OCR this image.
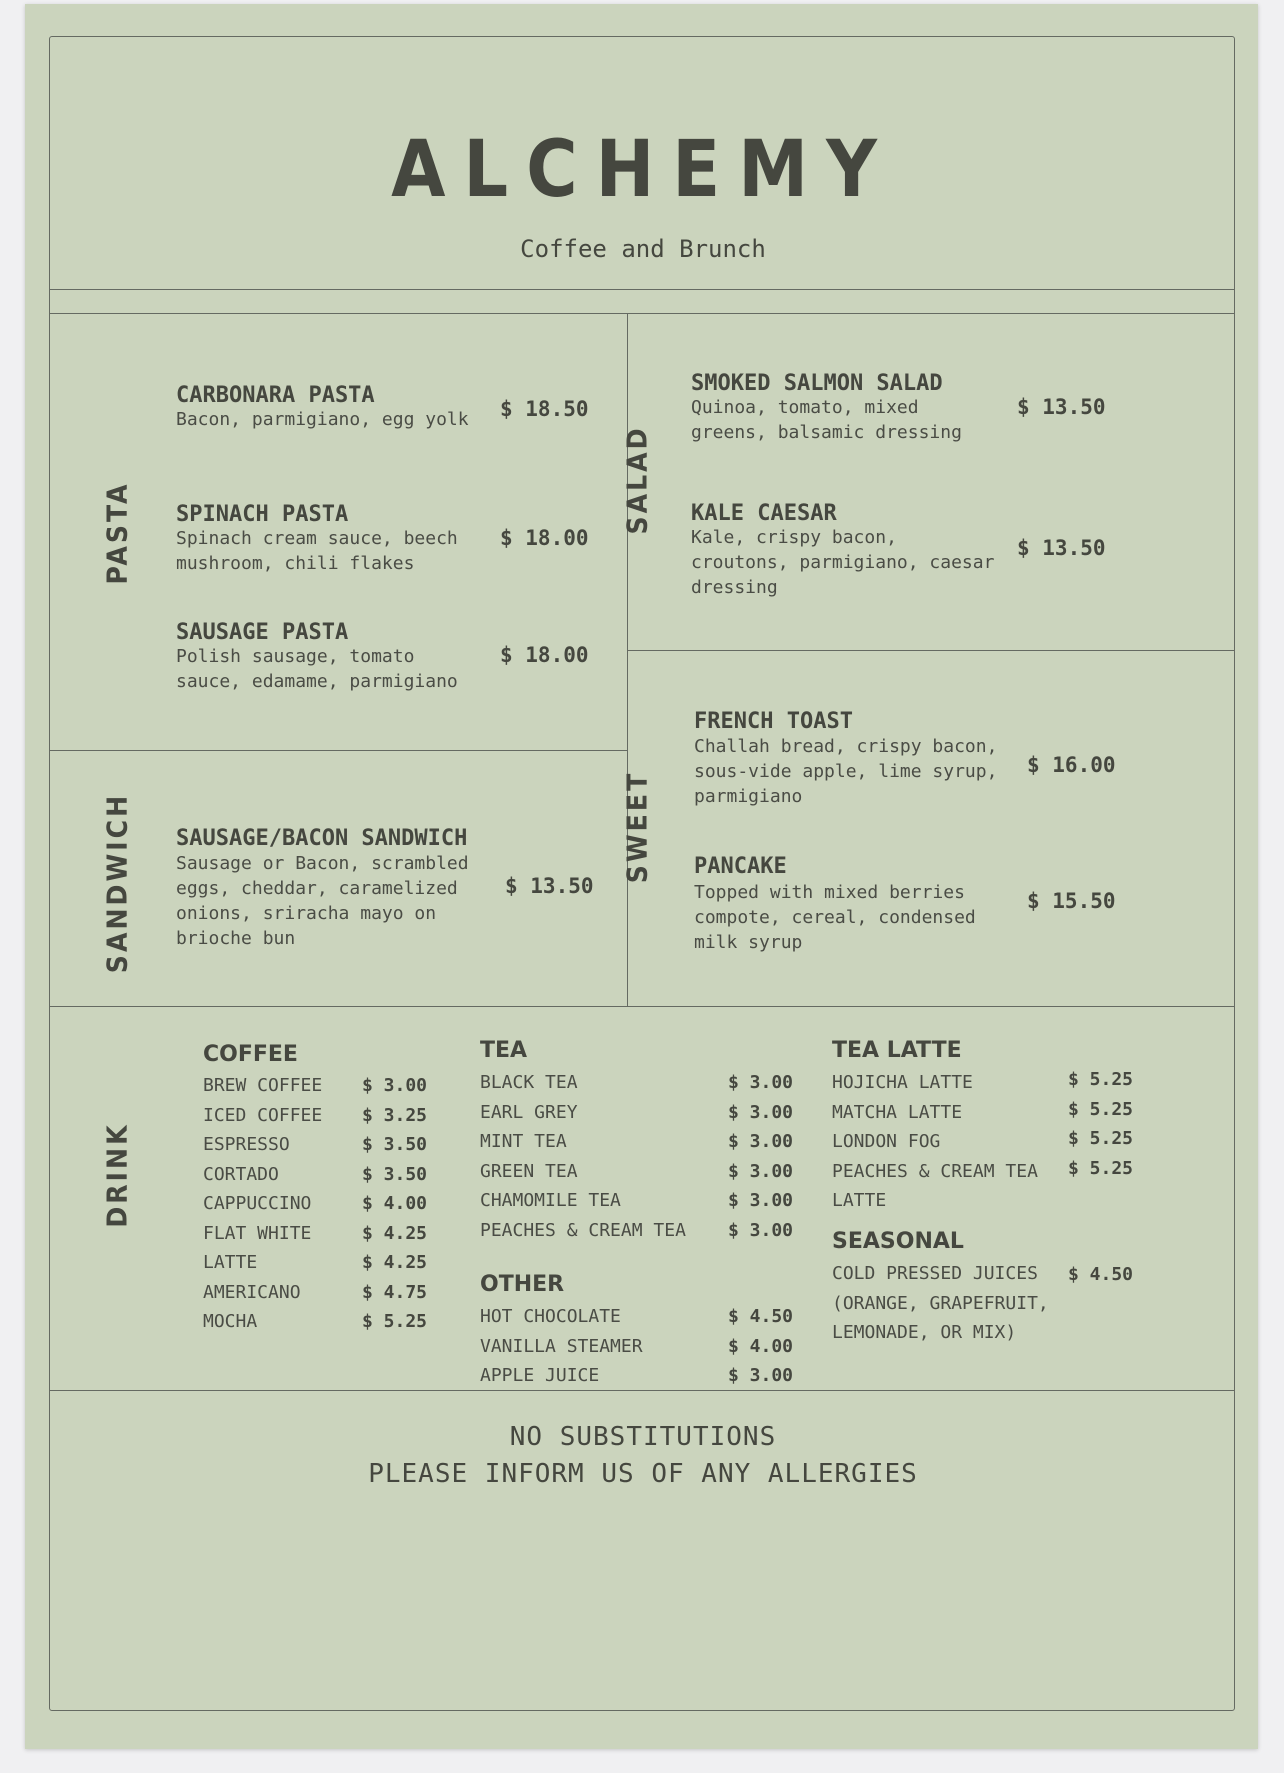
ALCHEMY
Coffee and Brunch
PASTA
CARBONARA PASTA
Bacon, parmigiano, egg yolk	$ 18.50
SPINACH PASTA
Spinach cream sauce, beech mushroom, chili flakes
$ 18.00
SAUSAGE PASTA
Polish sausage, tomato sauce, edamame, parmigiano
$ 18.00
SANDWICH SAUSAGE/BACON SANDWICH
Sausage or Bacon, scrambled eggs, cheddar, caramelized onions, sriracha mayo on brioche bun
$ 13.50
SALAD
SMOKED SALMON SALAD
Quinoa, tomato, mixed greens, balsamic dressing
$ 13.50
KALE CAESAR
Kale, crispy bacon, croutons, parmigiano, caesar dressing
$ 13.50
SWEET
FRENCH TOAST
Challah bread, crispy bacon, sous-vide apple, lime syrup, parmigiano
$ 16.00
PANCAKE
Topped with mixed berries compote, cereal, condensed milk syrup
$ 15.50
DRINK
COFFEE
BREW COFFEE $ 3.00
ICED COFFEE $ 3.25
ESPRESSO	$ 3.50
CORTADO	$ 3.50
CAPPUCCINO	$ 4.00
FLAT WHITE	$ 4.25
LATTE	$ 4.25
AMERICANO	$ 4.75
MOCHA	$ 5.25
TEA
BLACK TEA	$ 3.00
EARL GREY	$ 3.00
MINT TEA	$ 3.00
GREEN TEA	$ 3.00
CHAMOMILE TEA	$ 3.00
PEACHES & CREAM TEA $ 3.00
OTHER
HOT CHOCOLATE	$ 4.50
VANILLA STEAMER	$ 4.00
APPLE JUICE	$ 3.00
TEA LATTE
HOJICHA LATTE	$ 5.25
MATCHA LATTE	$ 5.25
LONDON FOG	$ 5.25
PEACHES & CREAM TEA $ 5.25
LATTE
SEASONAL
COLD PRESSED JUICES $ 4.50
(ORANGE, GRAPEFRUIT,
LEMONADE, OR MIX)
NO SUBSTITUTIONS
PLEASE INFORM US OF ANY ALLERGIES
